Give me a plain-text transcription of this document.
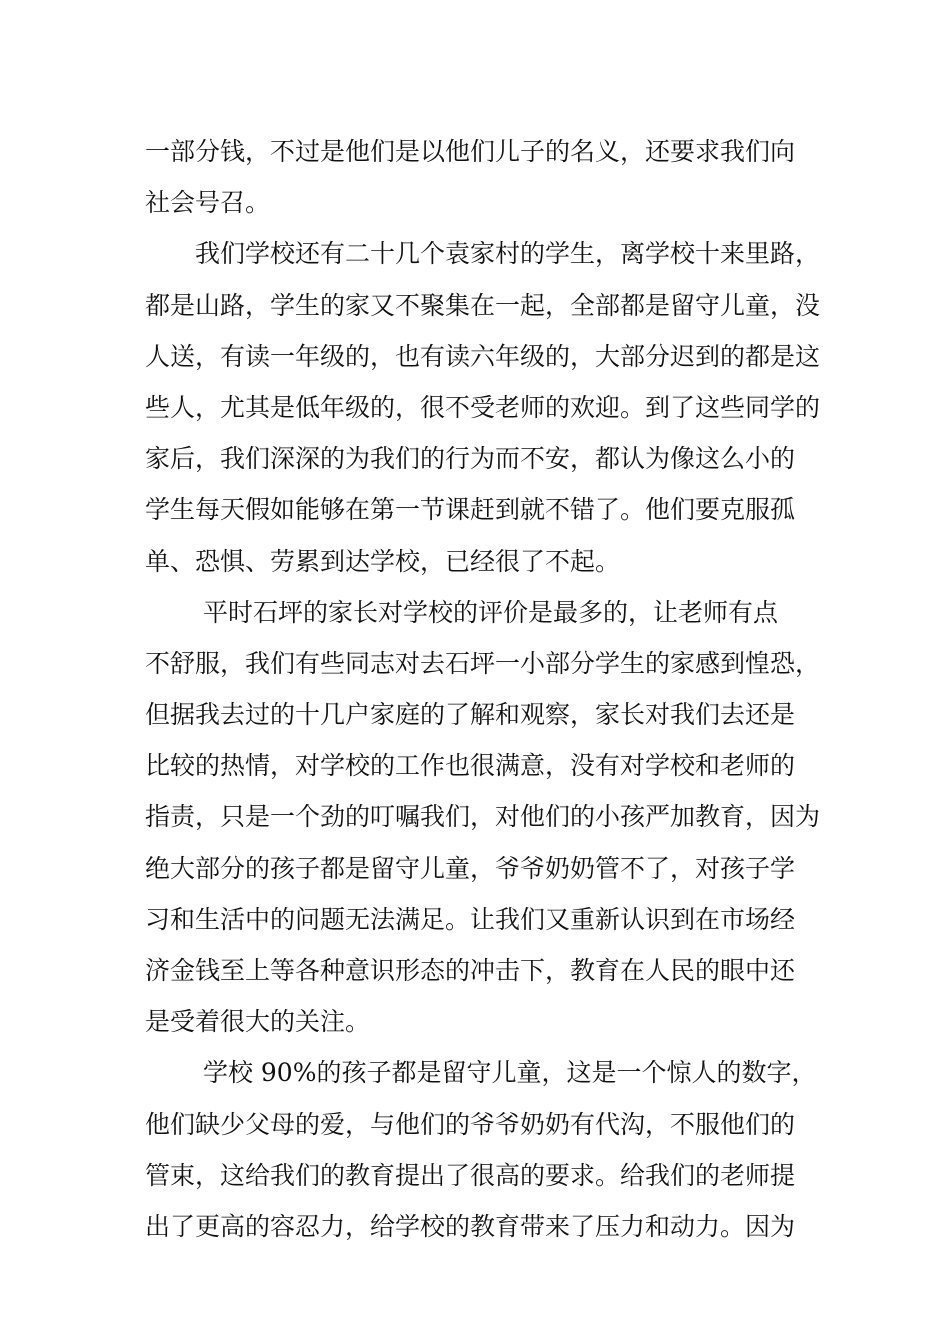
一部分钱，不过是他们是以他们儿子的名义，还要求我们向
社会号召。
　　我们学校还有二十几个袁家村的学生，离学校十来里路，
都是山路，学生的家又不聚集在一起，全部都是留守儿童，没
人送，有读一年级的，也有读六年级的，大部分迟到的都是这
些人，尤其是低年级的，很不受老师的欢迎。到了这些同学的
家后，我们深深的为我们的行为而不安，都认为像这么小的
学生每天假如能够在第一节课赶到就不错了。他们要克服孤
单、恐惧、劳累到达学校，已经很了不起。
　　 平时石坪的家长对学校的评价是最多的，让老师有点
不舒服，我们有些同志对去石坪一小部分学生的家感到惶恐，
但据我去过的十几户家庭的了解和观察，家长对我们去还是
比较的热情，对学校的工作也很满意，没有对学校和老师的
指责，只是一个劲的叮嘱我们，对他们的小孩严加教育，因为
绝大部分的孩子都是留守儿童，爷爷奶奶管不了，对孩子学
习和生活中的问题无法满足。让我们又重新认识到在市场经
济金钱至上等各种意识形态的冲击下，教育在人民的眼中还
是受着很大的关注。
　　 学校 90%的孩子都是留守儿童，这是一个惊人的数字，
他们缺少父母的爱，与他们的爷爷奶奶有代沟，不服他们的
管束，这给我们的教育提出了很高的要求。给我们的老师提
出了更高的容忍力，给学校的教育带来了压力和动力。因为
